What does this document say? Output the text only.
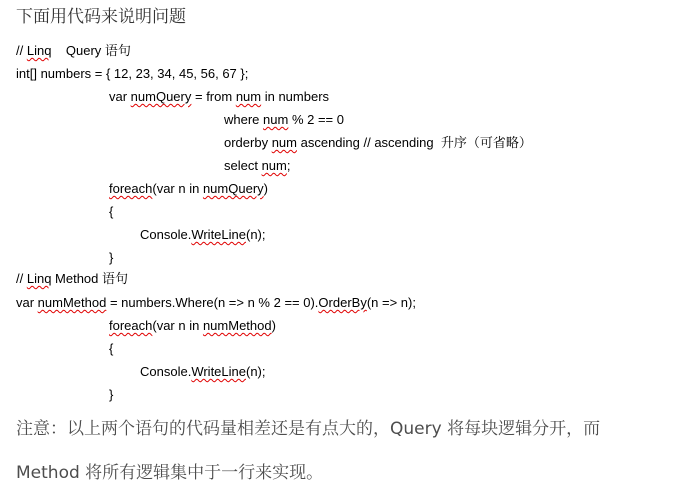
下面用代码来说明问题
// Linq    Query 语句
int[] numbers = { 12, 23, 34, 45, 56, 67 };
var numQuery = from num in numbers
where num % 2 == 0
orderby num ascending // ascending  升序（可省略）
select num;
foreach(var n in numQuery)
{
Console.WriteLine(n);
}
// Linq Method 语句
var numMethod = numbers.Where(n => n % 2 == 0).OrderBy(n => n);
foreach(var n in numMethod)
{
Console.WriteLine(n);
}
注意：以上两个语句的代码量相差还是有点大的，Query 将每块逻辑分开，而
Method 将所有逻辑集中于一行来实现。
